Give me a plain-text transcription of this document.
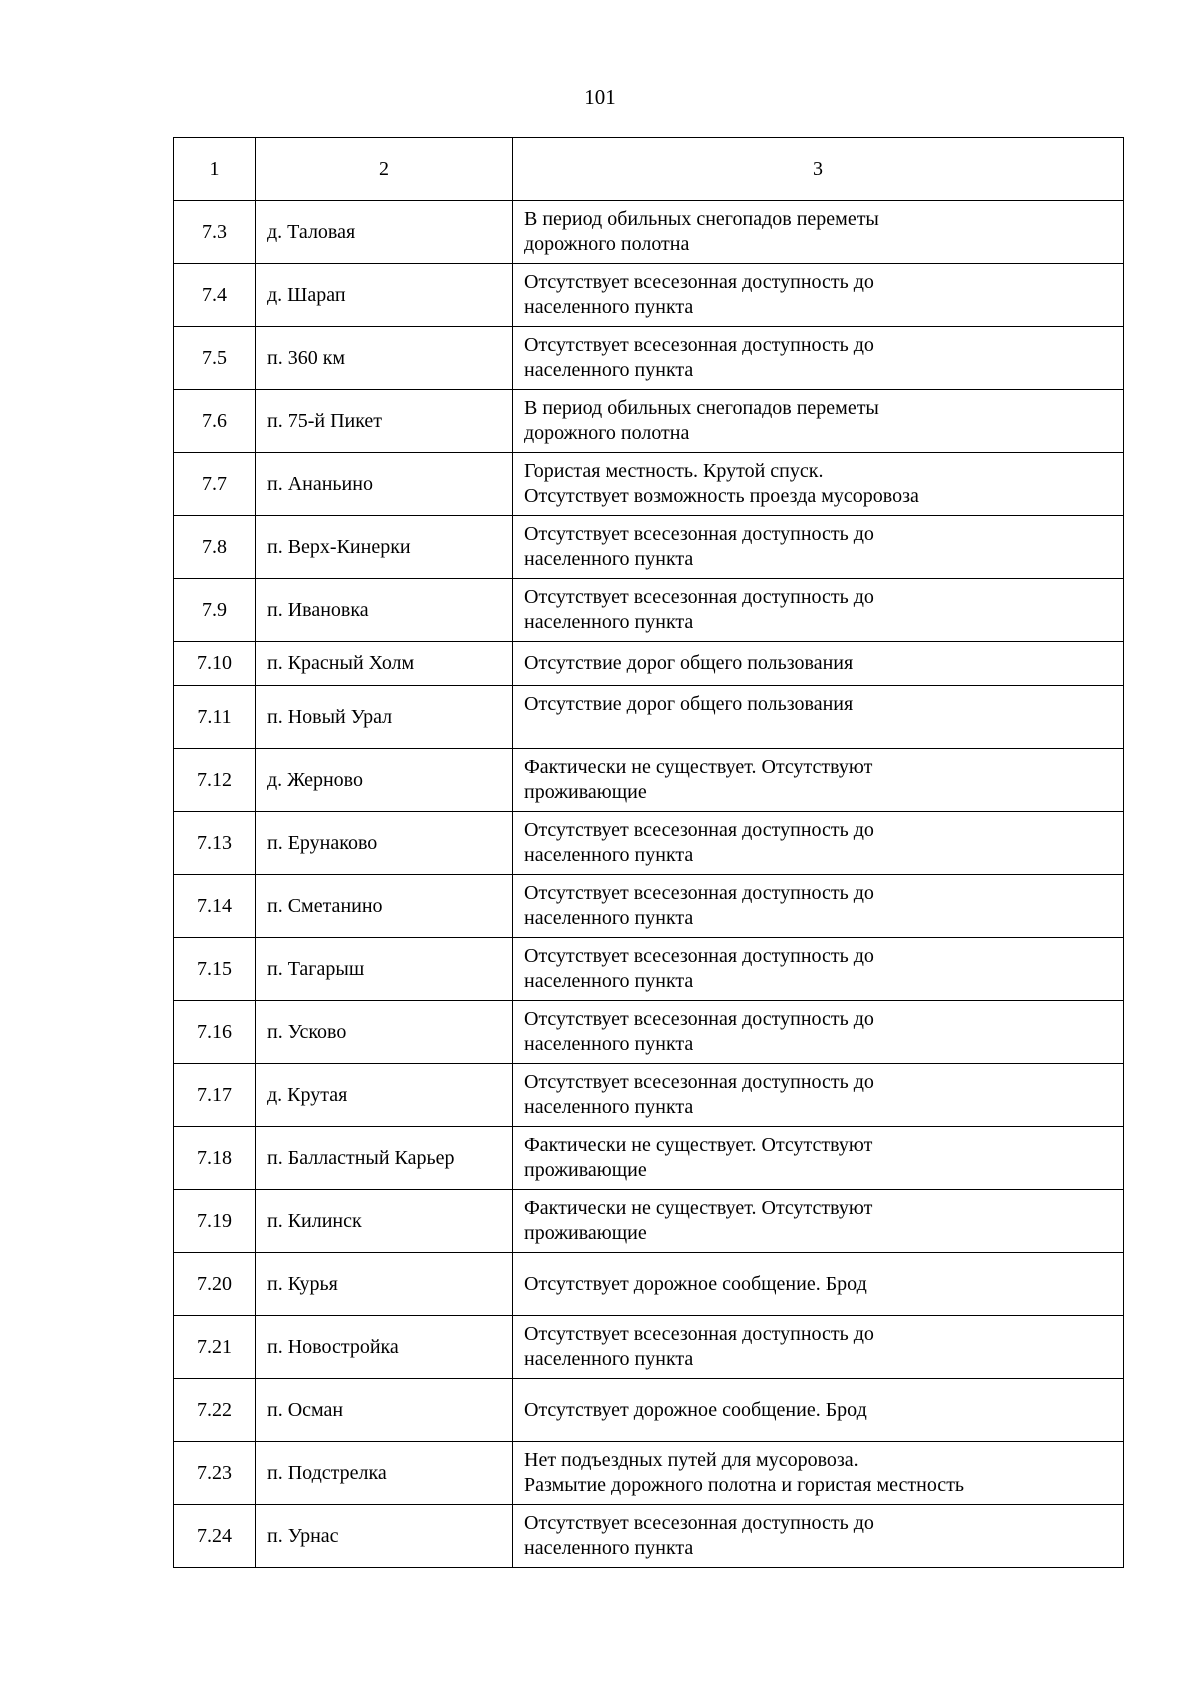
101
1	2	3
7.3	д. Таловая	В период обильных снегопадов переметы
дорожного полотна
7.4	д. Шарап	Отсутствует всесезонная доступность до
населенного пункта
7.5	п. 360 км	Отсутствует всесезонная доступность до
населенного пункта
7.6	п. 75-й Пикет	В период обильных снегопадов переметы
дорожного полотна
7.7	п. Ананьино	Гористая местность. Крутой спуск.
Отсутствует возможность проезда мусоровоза
7.8	п. Верх-Кинерки	Отсутствует всесезонная доступность до
населенного пункта
7.9	п. Ивановка	Отсутствует всесезонная доступность до
населенного пункта
7.10	п. Красный Холм	Отсутствие дорог общего пользования
7.11	п. Новый Урал	Отсутствие дорог общего пользования
7.12	д. Жерново	Фактически не существует. Отсутствуют
проживающие
7.13	п. Ерунаково	Отсутствует всесезонная доступность до
населенного пункта
7.14	п. Сметанино	Отсутствует всесезонная доступность до
населенного пункта
7.15	п. Тагарыш	Отсутствует всесезонная доступность до
населенного пункта
7.16	п. Усково	Отсутствует всесезонная доступность до
населенного пункта
7.17	д. Крутая	Отсутствует всесезонная доступность до
населенного пункта
7.18	п. Балластный Карьер	Фактически не существует. Отсутствуют
проживающие
7.19	п. Килинск	Фактически не существует. Отсутствуют
проживающие
7.20	п. Курья	Отсутствует дорожное сообщение. Брод
7.21	п. Новостройка	Отсутствует всесезонная доступность до
населенного пункта
7.22	п. Осман	Отсутствует дорожное сообщение. Брод
7.23	п. Подстрелка	Нет подъездных путей для мусоровоза.
Размытие дорожного полотна и гористая местность
7.24	п. Урнас	Отсутствует всесезонная доступность до
населенного пункта
